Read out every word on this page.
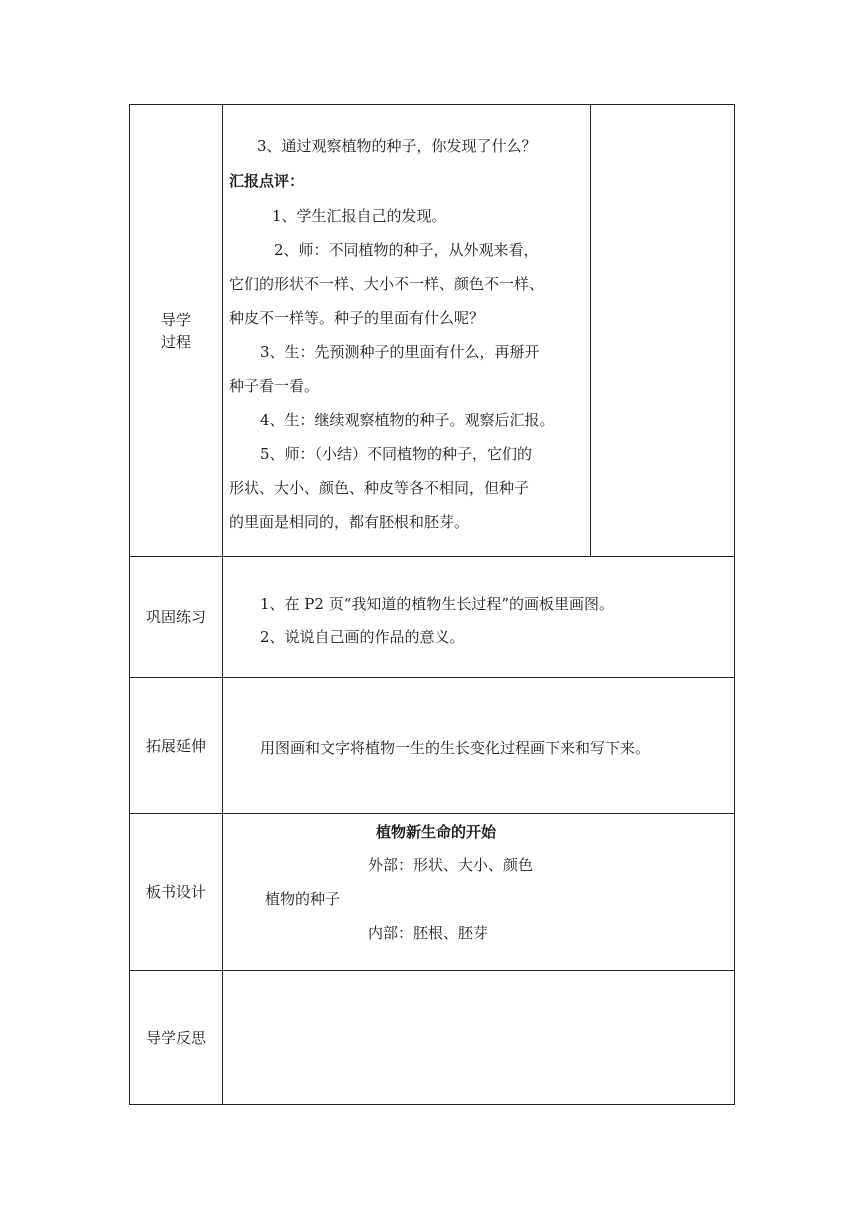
导学过程
3、通过观察植物的种子，你发现了什么？
汇报点评：
1、学生汇报自己的发现。
2、师：不同植物的种子，从外观来看，
它们的形状不一样、大小不一样、颜色不一样、
种皮不一样等。种子的里面有什么呢？
3、生：先预测种子的里面有什么，再掰开
种子看一看。
4、生：继续观察植物的种子。观察后汇报。
5、师：（小结）不同植物的种子，它们的
形状、大小、颜色、种皮等各不相同，但种子
的里面是相同的，都有胚根和胚芽。
巩固练习
1、在 P2 页“我知道的植物生长过程”的画板里画图。
2、说说自己画的作品的意义。
拓展延伸	用图画和文字将植物一生的生长变化过程画下来和写下来。
板书设计
植物新生命的开始
外部：形状、大小、颜色
植物的种子
内部：胚根、胚芽
导学反思
